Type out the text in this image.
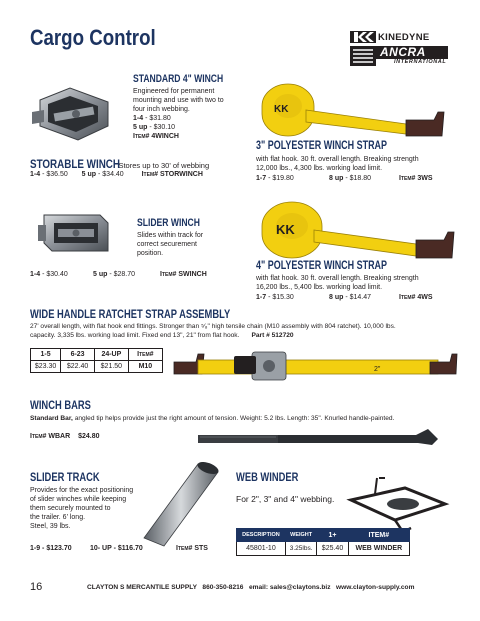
Cargo Control	KINEDYNE
ANCRA
INTERNATIONAL
STANDARD 4" WINCH
Engineered for permanent
mounting and use with two to
four inch webbing.
1-4 - $31.80
5 up - $30.10
Item# 4WINCH
STORABLE WINCH Stores up to 30' of webbing
1-4 - $36.50 5 up - $34.40	Item# STORWINCH
KK
3" POLYESTER WINCH STRAP
with flat hook. 30 ft. overall length. Breaking strength
12,000 lbs., 4,300 lbs. working load limit.
1-7 - $19.80	8 up - $18.80	Item# 3WS
SLIDER WINCH
Slides within track for
correct securement
position.
1-4 - $30.40	5 up - $28.70	Item# SWINCH
KK
4" POLYESTER WINCH STRAP
with flat hook. 30 ft. overall length. Breaking strength
16,200 lbs., 5,400 lbs. working load limit.
1-7 - $15.30	8 up - $14.47	Item# 4WS
WIDE HANDLE RATCHET STRAP ASSEMBLY
27' overall length, with flat hook end fittings. Stronger than ⁵⁄₈" high tensile chain (M10 assembly with 804 ratchet). 10,000 lbs.
capacity. 3,335 lbs. working load limit. Fixed end 13", 21" from flat hook. Part # 512720
1-5	6-23	24-UP	Item#
$23.30	$22.40	$21.50	M10	2"
WINCH BARS
Standard Bar, angled tip helps provide just the right amount of tension. Weight: 5.2 lbs. Length: 35". Knurled handle-painted.
Item# WBAR $24.80
SLIDER TRACK
Provides for the exact positioning
of slider winches while keeping
them securely mounted to
the trailer. 6' long.
Steel, 39 lbs.
1-9 - $123.70	10- UP - $116.70	Item# STS
WEB WINDER
For 2", 3" and 4" webbing.
DESCRIPTION	WEIGHT	1+	ITEM#
45801-10	3.25lbs.	$25.40	WEB WINDER
16	CLAYTON S MERCANTILE SUPPLY   860-350-8216   email: sales@claytons.biz   www.clayton-supply.com
